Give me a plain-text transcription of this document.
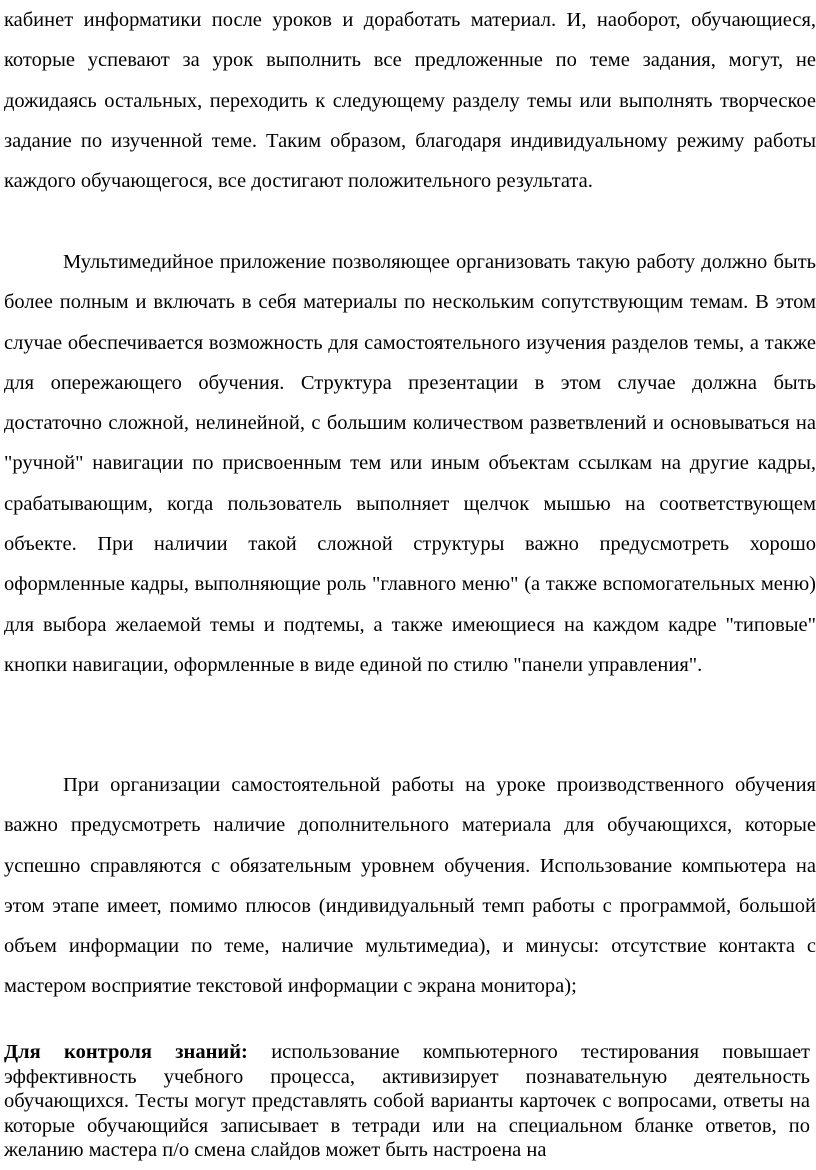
кабинет информатики после уроков и доработать материал. И, наоборот, обучающиеся, которые успевают за урок выполнить все предложенные по теме задания, могут, не дожидаясь остальных, переходить к следующему разделу темы или выполнять творческое задание по изученной теме. Таким образом, благодаря индивидуальному режиму работы каждого обучающегося, все достигают положительного результата.

Мультимедийное приложение позволяющее организовать такую работу должно быть более полным и включать в себя материалы по нескольким сопутствующим темам. В этом случае обеспечивается возможность для самостоятельного изучения разделов темы, а также для опережающего обучения. Структура презентации в этом случае должна быть достаточно сложной, нелинейной, с большим количеством разветвлений и основываться на "ручной" навигации по присвоенным тем или иным объектам ссылкам на другие кадры, срабатывающим, когда пользователь выполняет щелчок мышью на соответствующем объекте. При наличии такой сложной структуры важно предусмотреть хорошо оформленные кадры, выполняющие роль "главного меню" (а также вспомогательных меню) для выбора желаемой темы и подтемы, а также имеющиеся на каждом кадре "типовые" кнопки навигации, оформленные в виде единой по стилю "панели управления".

При организации самостоятельной работы на уроке производственного обучения важно предусмотреть наличие дополнительного материала для обучающихся, которые успешно справляются с обязательным уровнем обучения. Использование компьютера на этом этапе имеет, помимо плюсов (индивидуальный темп работы с программой, большой объем информации по теме, наличие мультимедиа), и минусы: отсутствие контакта с мастером восприятие текстовой информации с экрана монитора);

Для контроля знаний: использование компьютерного тестирования повышает эффективность учебного процесса, активизирует познавательную деятельность обучающихся. Тесты могут представлять собой варианты карточек с вопросами, ответы на которые обучающийся записывает в тетради или на специальном бланке ответов, по желанию мастера п/о смена слайдов может быть настроена на
